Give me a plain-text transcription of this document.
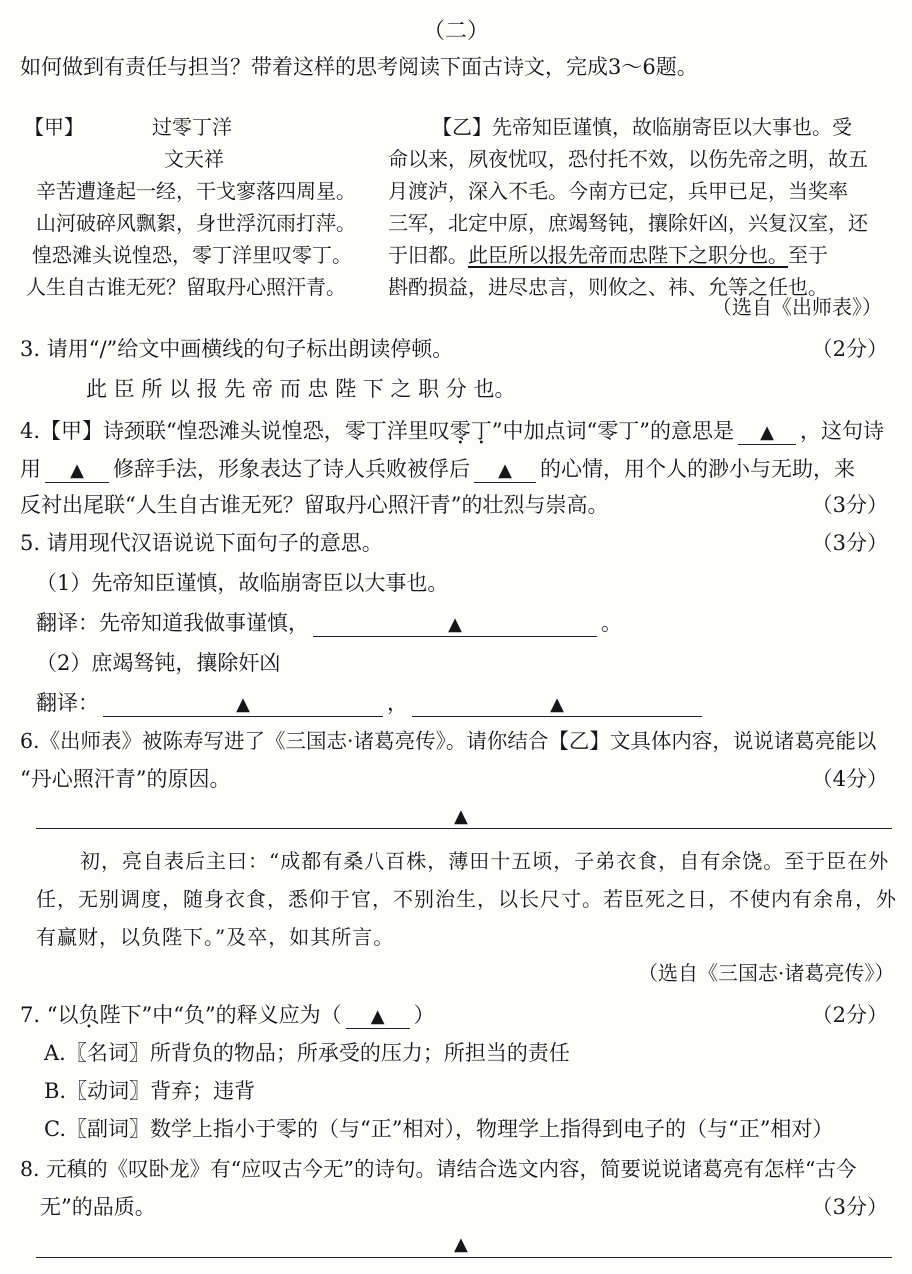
（二）
如何做到有责任与担当？带着这样的思考阅读下面古诗文，完成3～6题。
【甲】	过零丁洋
文天祥
辛苦遭逢起一经，干戈寥落四周星。
山河破碎风飘絮，身世浮沉雨打萍。
惶恐滩头说惶恐，零丁洋里叹零丁。
人生自古谁无死？留取丹心照汗青。
【乙】先帝知臣谨慎，故临崩寄臣以大事也。受
命以来，夙夜忧叹，恐付托不效，以伤先帝之明，故五
月渡泸，深入不毛。今南方已定，兵甲已足，当奖率
三军，北定中原，庶竭驽钝，攘除奸凶，兴复汉室，还
于旧都。此臣所以报先帝而忠陛下之职分也。至于
斟酌损益，进尽忠言，则攸之、祎、允等之任也。
（选自《出师表》）
3. 请用“/”给文中画横线的句子标出朗读停顿。	（2分）
此 臣 所 以 报 先 帝 而 忠 陛 下 之 职 分 也。
4.【甲】诗颈联“惶恐滩头说惶恐，零丁洋里叹零丁”中加点词“零丁”的意思是 ▲ ，这句诗
用 ▲ 修辞手法，形象表达了诗人兵败被俘后 ▲ 的心情，用个人的渺小与无助，来
反衬出尾联“人生自古谁无死？留取丹心照汗青”的壮烈与崇高。	（3分）
5. 请用现代汉语说说下面句子的意思。	（3分）
（1）先帝知臣谨慎，故临崩寄臣以大事也。
翻译：先帝知道我做事谨慎，	▲	。
（2）庶竭驽钝，攘除奸凶
翻译：	▲	，	▲
6.《出师表》被陈寿写进了《三国志·诸葛亮传》。请你结合【乙】文具体内容，说说诸葛亮能以
“丹心照汗青”的原因。	（4分）
▲
初，亮自表后主曰：“成都有桑八百株，薄田十五顷，子弟衣食，自有余饶。至于臣在外
任，无别调度，随身衣食，悉仰于官，不别治生，以长尺寸。若臣死之日，不使内有余帛，外
有赢财，以负陛下。”及卒，如其所言。
（选自《三国志·诸葛亮传》）
7. “以负陛下”中“负”的释义应为（ ▲ ）	（2分）
A.〖名词〗所背负的物品；所承受的压力；所担当的责任
B.〖动词〗背弃；违背
C.〖副词〗数学上指小于零的（与“正”相对），物理学上指得到电子的（与“正”相对）
8. 元稹的《叹卧龙》有“应叹古今无”的诗句。请结合选文内容，简要说说诸葛亮有怎样“古今
无”的品质。	（3分）
▲
